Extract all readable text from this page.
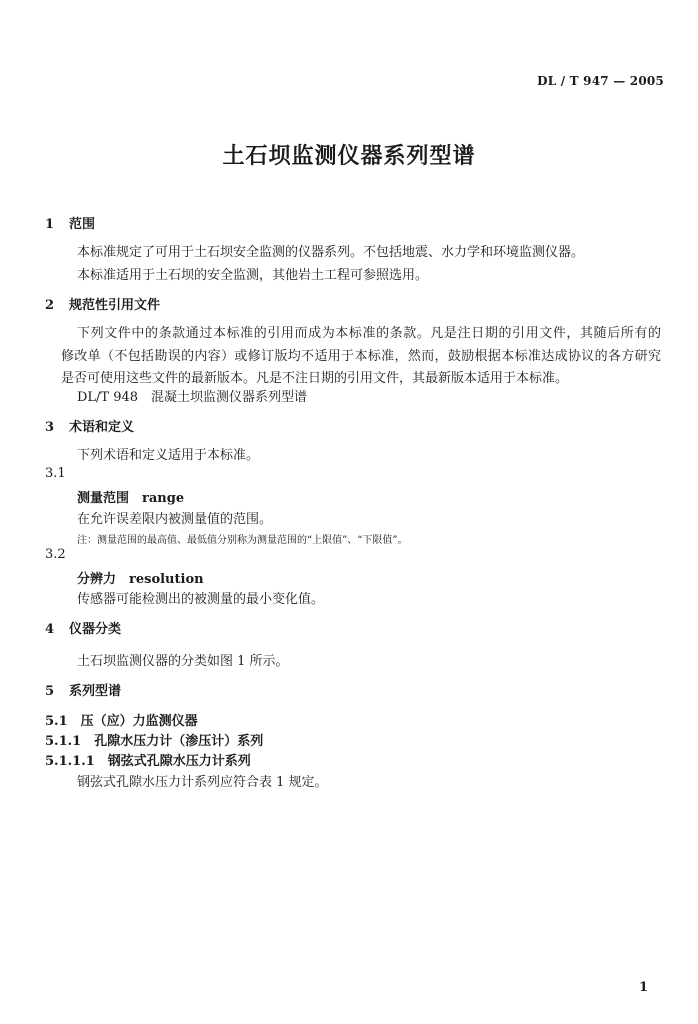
DL / T 947 — 2005
土石坝监测仪器系列型谱
1 范围
本标准规定了可用于土石坝安全监测的仪器系列。不包括地震、水力学和环境监测仪器。
本标准适用于土石坝的安全监测，其他岩土工程可参照选用。
2 规范性引用文件
下列文件中的条款通过本标准的引用而成为本标准的条款。凡是注日期的引用文件，其随后所有的
修改单（不包括勘误的内容）或修订版均不适用于本标准，然而，鼓励根据本标准达成协议的各方研究
是否可使用这些文件的最新版本。凡是不注日期的引用文件，其最新版本适用于本标准。
DL/T 948　混凝土坝监测仪器系列型谱
3 术语和定义
下列术语和定义适用于本标准。
3.1
测量范围　range
在允许误差限内被测量值的范围。
注：测量范围的最高值、最低值分别称为测量范围的“上限值”、“下限值”。
3.2
分辨力　resolution
传感器可能检测出的被测量的最小变化值。
4 仪器分类
土石坝监测仪器的分类如图 1 所示。
5 系列型谱
5.1　压（应）力监测仪器
5.1.1　孔隙水压力计（渗压计）系列
5.1.1.1　钢弦式孔隙水压力计系列
钢弦式孔隙水压力计系列应符合表 1 规定。
1
